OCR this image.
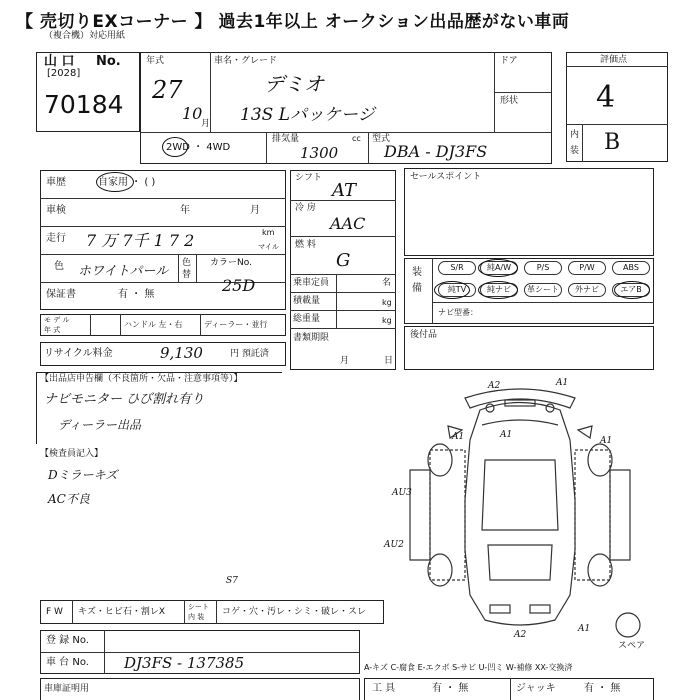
【 売切りEXコーナー 】 過去1年以上 オークション出品歴がない車両
（複合機）対応用紙
山 口 No.
[2028]
70184
年式
27
10
月
車名・グレード
デミオ
13S Lパッケージ
ドア
形状
2WD ・ 4WD
排気量	cc
1300
型式
DBA - DJ3FS
評価点
4
内
装 B
車歴	自家用 ・ ( )
車検	年	月
走行 7 万 7千 1 7 2	km
マイル
色 ホワイトパール
色
替
保証書	有 ・ 無
カラーNo.
25D
シフト
AT
冷 房
AAC
燃 料
G
乗車定員	名
積載量	kg
総重量	kg
書類期限
月	日
セールスポイント
装
備
S/R	純A/W	P/S	P/W	ABS
純TV	純ナビ	革シート	外ナビ	エアB
ナビ型番：
後付品
モ デ ル
年 式
ハンドル 左・右	ディーラー・並行
リサイクル料金	9,130	円 預託済
【出品店申告欄（不良箇所・欠品・注意事項等）】
ナビモニター ひび割れ有り
ディーラー出品
【検査員記入】
Dミラーキズ
AC不良
A2	A1
A1	A1
AU3
AU2
A1
A2
A1
S7
スペア
F W キズ・ヒビ石・割レX	シート
内 装 コゲ・穴・汚レ・シミ・破レ・スレ
登 録 No.
車 台 No. DJ3FS - 137385	A-キズ C-腐食 E-エクボ S-サビ U-凹ミ W-補修 XX-交換済
車庫証明用	工 具	有 ・ 無	ジャッキ	有 ・ 無
